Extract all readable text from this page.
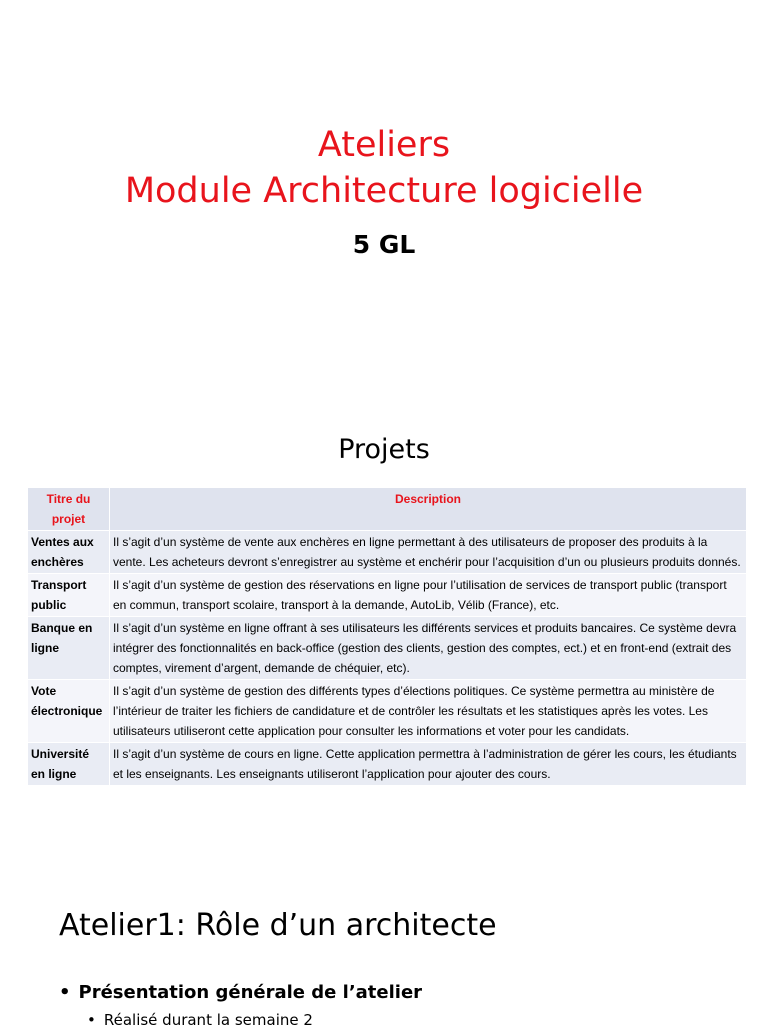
Ateliers
Module Architecture logicielle
5 GL
Projets
Titre du projet	Description
Ventes aux enchères	Il s’agit d’un système de vente aux enchères en ligne permettant à des utilisateurs de proposer des produits à la vente. Les acheteurs devront s’enregistrer au système et enchérir pour l’acquisition d’un ou plusieurs produits donnés.
Transport public	Il s’agit d’un système de gestion des réservations en ligne pour l’utilisation de services de transport public (transport en commun, transport scolaire, transport à la demande, AutoLib, Vélib (France), etc.
Banque en ligne	Il s’agit d’un système en ligne offrant à ses utilisateurs les différents services et produits bancaires. Ce système devra intégrer des fonctionnalités en back-office (gestion des clients, gestion des comptes, ect.) et en front-end (extrait des comptes, virement d’argent, demande de chéquier, etc).
Vote électronique	Il s’agit d’un système de gestion des différents types d’élections politiques. Ce système permettra au ministère de l’intérieur de traiter les fichiers de candidature et de contrôler les résultats et les statistiques après les votes. Les utilisateurs utiliseront cette application pour consulter les informations et voter pour les candidats.
Université en ligne	Il s’agit d’un système de cours en ligne. Cette application permettra à l’administration de gérer les cours, les étudiants et les enseignants. Les enseignants utiliseront l’application pour ajouter des cours.
Atelier1: Rôle d’un architecte
• Présentation générale de l’atelier
• Réalisé durant la semaine 2
